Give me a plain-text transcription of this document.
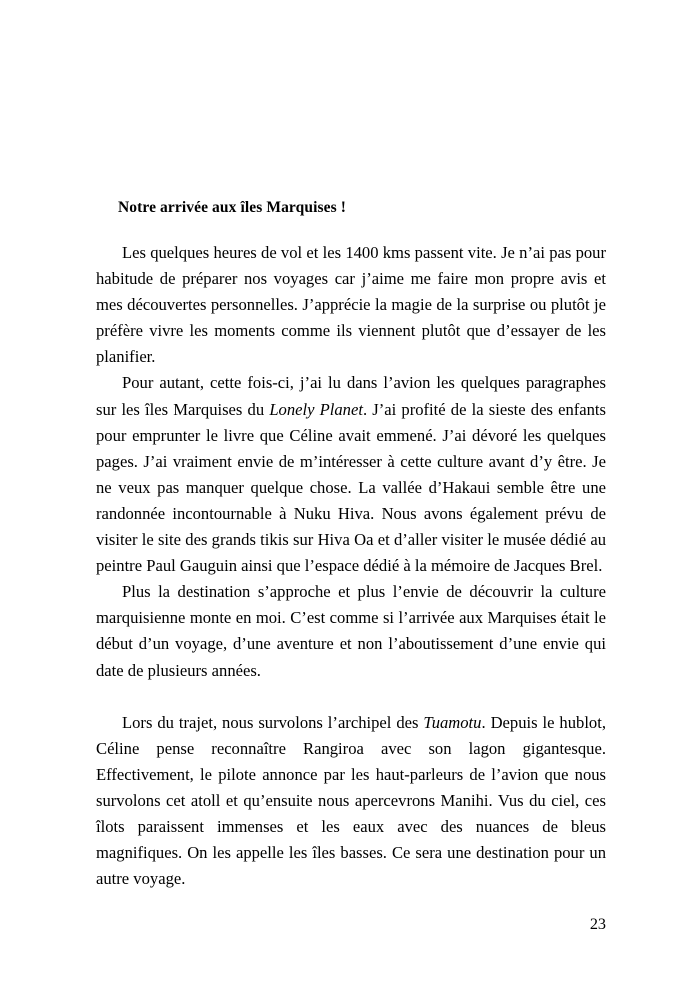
Notre arrivée aux îles Marquises !

Les quelques heures de vol et les 1400 kms passent vite. Je n’ai pas pour habitude de préparer nos voyages car j’aime me faire mon propre avis et mes découvertes personnelles. J’apprécie la magie de la surprise ou plutôt je préfère vivre les moments comme ils viennent plutôt que d’essayer de les planifier.

Pour autant, cette fois-ci, j’ai lu dans l’avion les quelques paragraphes sur les îles Marquises du Lonely Planet. J’ai profité de la sieste des enfants pour emprunter le livre que Céline avait emmené. J’ai dévoré les quelques pages. J’ai vraiment envie de m’intéresser à cette culture avant d’y être. Je ne veux pas manquer quelque chose. La vallée d’Hakaui semble être une randonnée incontournable à Nuku Hiva. Nous avons également prévu de visiter le site des grands tikis sur Hiva Oa et d’aller visiter le musée dédié au peintre Paul Gauguin ainsi que l’espace dédié à la mémoire de Jacques Brel.

Plus la destination s’approche et plus l’envie de découvrir la culture marquisienne monte en moi. C’est comme si l’arrivée aux Marquises était le début d’un voyage, d’une aventure et non l’aboutissement d’une envie qui date de plusieurs années.

Lors du trajet, nous survolons l’archipel des Tuamotu. Depuis le hublot, Céline pense reconnaître Rangiroa avec son lagon gigantesque. Effectivement, le pilote annonce par les haut-parleurs de l’avion que nous survolons cet atoll et qu’ensuite nous apercevrons Manihi. Vus du ciel, ces îlots paraissent immenses et les eaux avec des nuances de bleus magnifiques. On les appelle les îles basses. Ce sera une destination pour un autre voyage.

23
